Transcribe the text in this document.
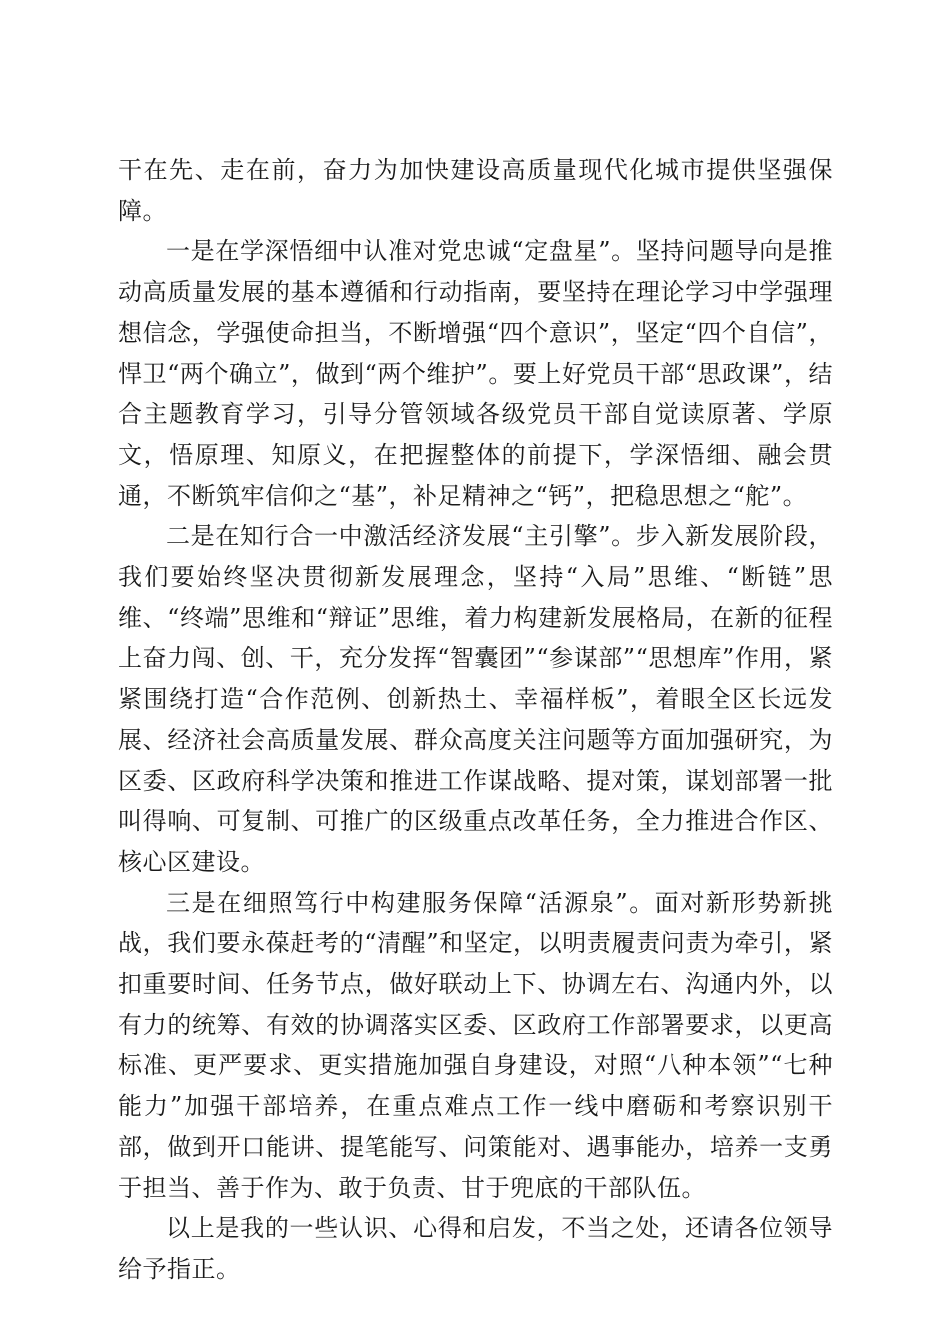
干在先、走在前，奋力为加快建设高质量现代化城市提供坚强保障。

一是在学深悟细中认准对党忠诚“定盘星”。坚持问题导向是推动高质量发展的基本遵循和行动指南，要坚持在理论学习中学强理想信念，学强使命担当，不断增强“四个意识”，坚定“四个自信”，悍卫“两个确立”，做到“两个维护”。要上好党员干部“思政课”，结合主题教育学习，引导分管领域各级党员干部自觉读原著、学原文，悟原理、知原义，在把握整体的前提下，学深悟细、融会贯通，不断筑牢信仰之“基”，补足精神之“钙”，把稳思想之“舵”。

二是在知行合一中激活经济发展“主引擎”。步入新发展阶段，我们要始终坚决贯彻新发展理念，坚持“入局”思维、“断链”思维、“终端”思维和“辩证”思维，着力构建新发展格局，在新的征程上奋力闯、创、干，充分发挥“智囊团”“参谋部”“思想库”作用，紧紧围绕打造“合作范例、创新热土、幸福样板”，着眼全区长远发展、经济社会高质量发展、群众高度关注问题等方面加强研究，为区委、区政府科学决策和推进工作谋战略、提对策，谋划部署一批叫得响、可复制、可推广的区级重点改革任务，全力推进合作区、核心区建设。

三是在细照笃行中构建服务保障“活源泉”。面对新形势新挑战，我们要永葆赶考的“清醒”和坚定，以明责履责问责为牵引，紧扣重要时间、任务节点，做好联动上下、协调左右、沟通内外，以有力的统筹、有效的协调落实区委、区政府工作部署要求，以更高标准、更严要求、更实措施加强自身建设，对照“八种本领”“七种能力”加强干部培养，在重点难点工作一线中磨砺和考察识别干部，做到开口能讲、提笔能写、问策能对、遇事能办，培养一支勇于担当、善于作为、敢于负责、甘于兜底的干部队伍。

以上是我的一些认识、心得和启发，不当之处，还请各位领导给予指正。
